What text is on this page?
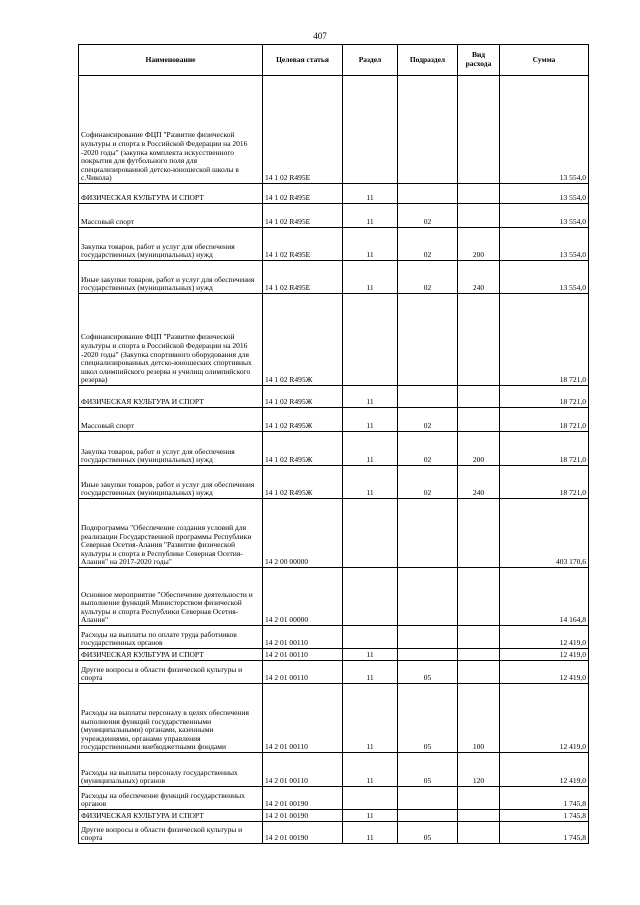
407
Наименование	Целевая статья	Раздел	Подраздел	Вид расхода	Сумма
Софинансирование ФЦП "Развитие физической культуры и спорта в Российской Федерации на 2016 -2020 годы" (закупка комплекта искусственного покрытия для футбольного поля для специализированной детско-юношеской школы в с.Чикола)	14 1 02 R495E				13 554,0
ФИЗИЧЕСКАЯ КУЛЬТУРА И СПОРТ	14 1 02 R495E	11			13 554,0
Массовый спорт	14 1 02 R495E	11	02		13 554,0
Закупка товаров, работ и услуг для обеспечения государственных (муниципальных) нужд	14 1 02 R495E	11	02	200	13 554,0
Иные закупки товаров, работ и услуг для обеспечения государственных (муниципальных) нужд	14 1 02 R495E	11	02	240	13 554,0
Софинансирование ФЦП "Развитие физической культуры и спорта в Российской Федерации на 2016 -2020 годы" (Закупка спортивного оборудования для специализированных детско-юношеских спортивных школ олимпийского резерва и училищ олимпийского резерва)	14 1 02 R495Ж				18 721,0
ФИЗИЧЕСКАЯ КУЛЬТУРА И СПОРТ	14 1 02 R495Ж	11			18 721,0
Массовый спорт	14 1 02 R495Ж	11	02		18 721,0
Закупка товаров, работ и услуг для обеспечения государственных (муниципальных) нужд	14 1 02 R495Ж	11	02	200	18 721,0
Иные закупки товаров, работ и услуг для обеспечения государственных (муниципальных) нужд	14 1 02 R495Ж	11	02	240	18 721,0
Подпрограмма "Обеспечение создания условий для реализации Государственной программы Республики Северная Осетия-Алания "Развитие физической культуры и спорта в Республике Северная Осетия-Алания" на 2017-2020 годы"	14 2 00 00000				403 170,6
Основное мероприятие "Обеспечение деятельности и выполнение функций Министерством физической культуры и спорта Республики Северная Осетия-Алания"	14 2 01 00000				14 164,8
Расходы на выплаты по оплате труда работников государственных органов	14 2 01 00110				12 419,0
ФИЗИЧЕСКАЯ КУЛЬТУРА И СПОРТ	14 2 01 00110	11			12 419,0
Другие вопросы в области физической культуры и спорта	14 2 01 00110	11	05		12 419,0
Расходы на выплаты персоналу в целях обеспечения выполнения функций государственными (муниципальными) органами, казенными учреждениями, органами управления государственными внебюджетными фондами	14 2 01 00110	11	05	100	12 419,0
Расходы на выплаты персоналу государственных (муниципальных) органов	14 2 01 00110	11	05	120	12 419,0
Расходы на обеспечение функций государственных органов	14 2 01 00190				1 745,8
ФИЗИЧЕСКАЯ КУЛЬТУРА И СПОРТ	14 2 01 00190	11			1 745,8
Другие вопросы в области физической культуры и спорта	14 2 01 00190	11	05		1 745,8
